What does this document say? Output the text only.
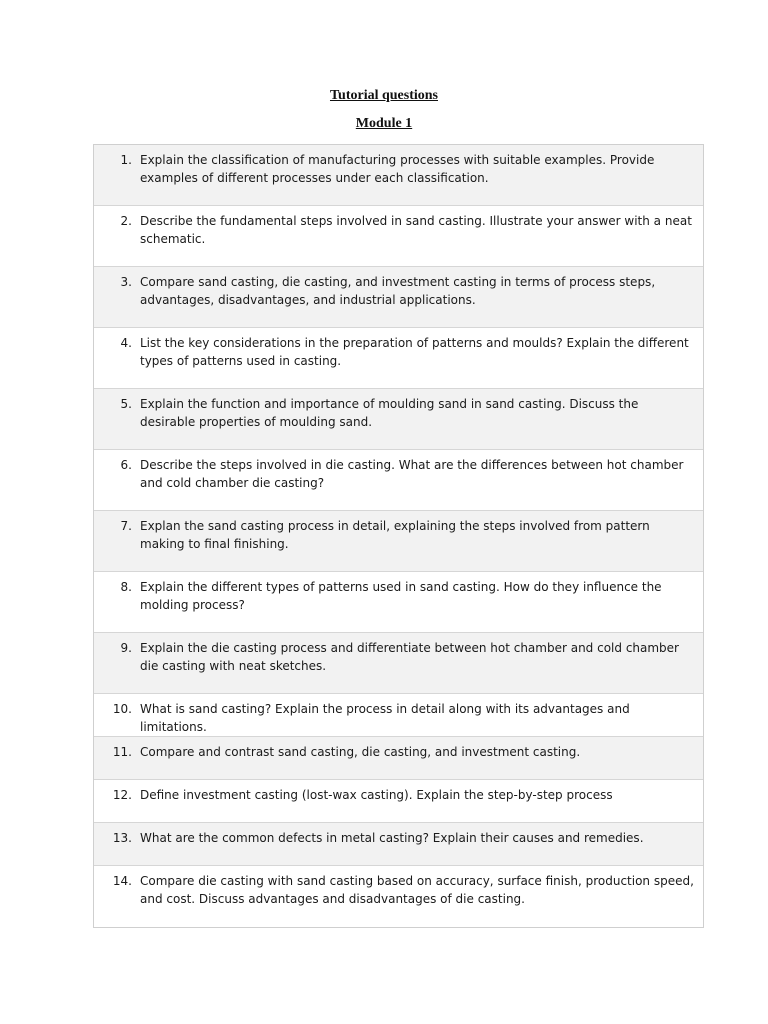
Tutorial questions

Module 1

1. Explain the classification of manufacturing processes with suitable examples. Provide examples of different processes under each classification.
2. Describe the fundamental steps involved in sand casting. Illustrate your answer with a neat schematic.
3. Compare sand casting, die casting, and investment casting in terms of process steps, advantages, disadvantages, and industrial applications.
4. List the key considerations in the preparation of patterns and moulds? Explain the different types of patterns used in casting.
5. Explain the function and importance of moulding sand in sand casting. Discuss the desirable properties of moulding sand.
6. Describe the steps involved in die casting. What are the differences between hot chamber and cold chamber die casting?
7. Explan the sand casting process in detail, explaining the steps involved from pattern making to final finishing.
8. Explain the different types of patterns used in sand casting. How do they influence the molding process?
9. Explain the die casting process and differentiate between hot chamber and cold chamber die casting with neat sketches.
10. What is sand casting? Explain the process in detail along with its advantages and limitations.
11. Compare and contrast sand casting, die casting, and investment casting.
12. Define investment casting (lost-wax casting). Explain the step-by-step process
13. What are the common defects in metal casting? Explain their causes and remedies.
14. Compare die casting with sand casting based on accuracy, surface finish, production speed, and cost. Discuss advantages and disadvantages of die casting.
